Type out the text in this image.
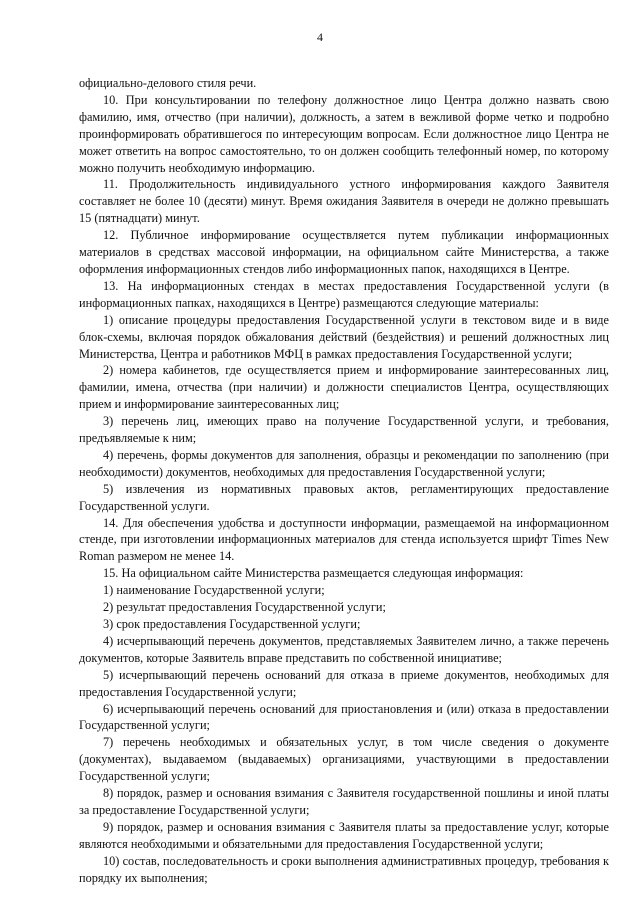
4

официально-делового стиля речи.

10. При консультировании по телефону должностное лицо Центра должно назвать свою фамилию, имя, отчество (при наличии), должность, а затем в вежливой форме четко и подробно проинформировать обратившегося по интересующим вопросам. Если должностное лицо Центра не может ответить на вопрос самостоятельно, то он должен сообщить телефонный номер, по которому можно получить необходимую информацию.

11. Продолжительность индивидуального устного информирования каждого Заявителя составляет не более 10 (десяти) минут. Время ожидания Заявителя в очереди не должно превышать 15 (пятнадцати) минут.

12. Публичное информирование осуществляется путем публикации информационных материалов в средствах массовой информации, на официальном сайте Министерства, а также оформления информационных стендов либо информационных папок, находящихся в Центре.

13. На информационных стендах в местах предоставления Государственной услуги (в информационных папках, находящихся в Центре) размещаются следующие материалы:

1) описание процедуры предоставления Государственной услуги в текстовом виде и в виде блок-схемы, включая порядок обжалования действий (бездействия) и решений должностных лиц Министерства, Центра и работников МФЦ в рамках предоставления Государственной услуги;

2) номера кабинетов, где осуществляется прием и информирование заинтересованных лиц, фамилии, имена, отчества (при наличии) и должности специалистов Центра, осуществляющих прием и информирование заинтересованных лиц;

3) перечень лиц, имеющих право на получение Государственной услуги, и требования, предъявляемые к ним;

4) перечень, формы документов для заполнения, образцы и рекомендации по заполнению (при необходимости) документов, необходимых для предоставления Государственной услуги;

5) извлечения из нормативных правовых актов, регламентирующих предоставление Государственной услуги.

14. Для обеспечения удобства и доступности информации, размещаемой на информационном стенде, при изготовлении информационных материалов для стенда используется шрифт Times New Roman размером не менее 14.

15. На официальном сайте Министерства размещается следующая информация:

1) наименование Государственной услуги;

2) результат предоставления Государственной услуги;

3) срок предоставления Государственной услуги;

4) исчерпывающий перечень документов, представляемых Заявителем лично, а также перечень документов, которые Заявитель вправе представить по собственной инициативе;

5) исчерпывающий перечень оснований для отказа в приеме документов, необходимых для предоставления Государственной услуги;

6) исчерпывающий перечень оснований для приостановления и (или) отказа в предоставлении Государственной услуги;

7) перечень необходимых и обязательных услуг, в том числе сведения о документе (документах), выдаваемом (выдаваемых) организациями, участвующими в предоставлении Государственной услуги;

8) порядок, размер и основания взимания с Заявителя государственной пошлины и иной платы за предоставление Государственной услуги;

9) порядок, размер и основания взимания с Заявителя платы за предоставление услуг, которые являются необходимыми и обязательными для предоставления Государственной услуги;

10) состав, последовательность и сроки выполнения административных процедур, требования к порядку их выполнения;
